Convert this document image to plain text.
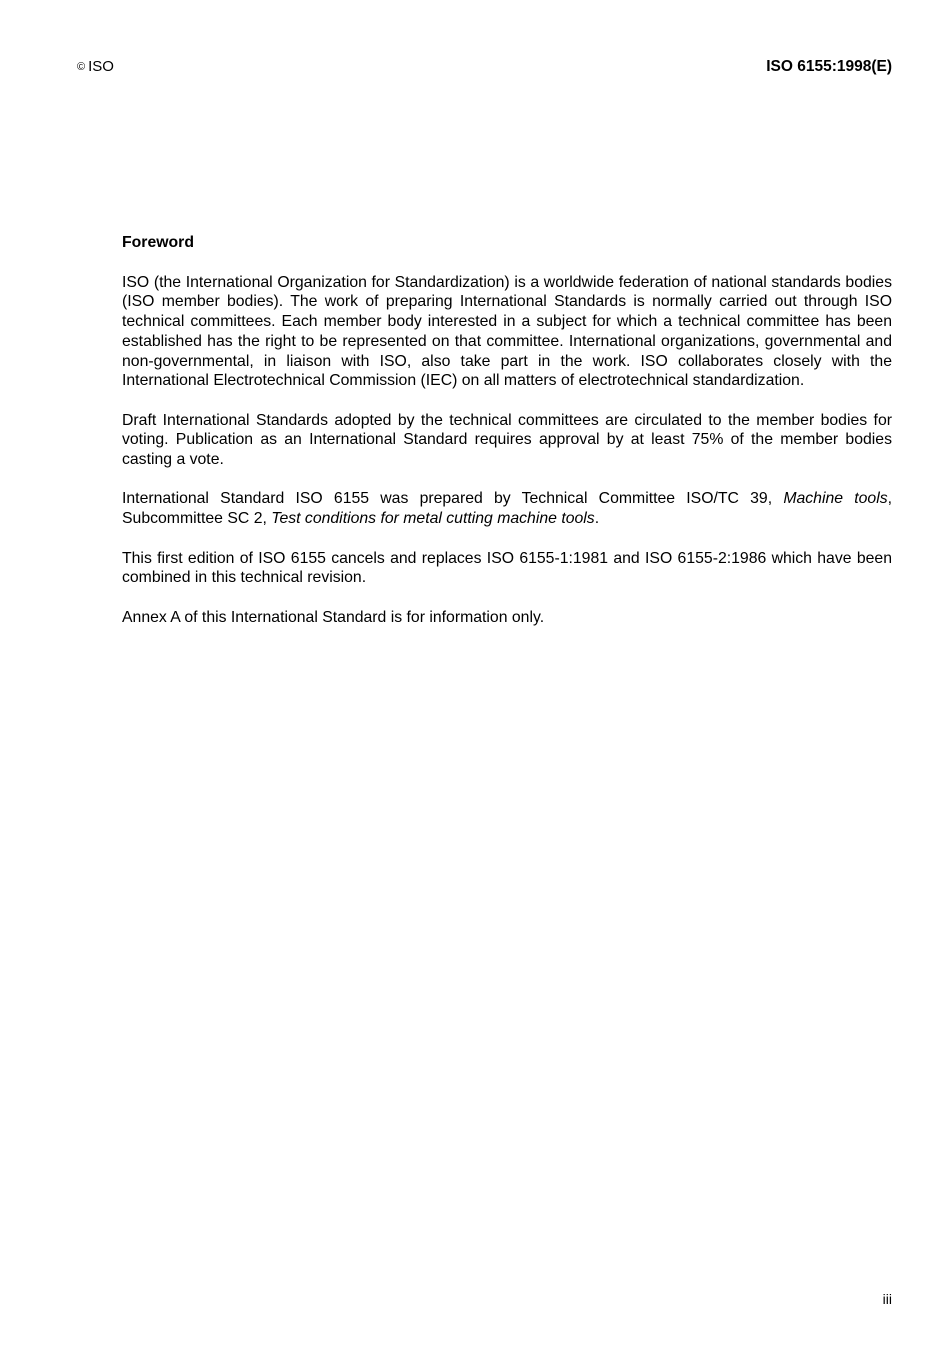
© ISO	ISO 6155:1998(E)
Foreword

ISO (the International Organization for Standardization) is a worldwide federation of national standards bodies (ISO member bodies). The work of preparing International Standards is normally carried out through ISO technical committees. Each member body interested in a subject for which a technical committee has been established has the right to be represented on that committee. International organizations, governmental and non-governmental, in liaison with ISO, also take part in the work. ISO collaborates closely with the International Electrotechnical Commission (IEC) on all matters of electrotechnical standardization.

Draft International Standards adopted by the technical committees are circulated to the member bodies for voting. Publication as an International Standard requires approval by at least 75% of the member bodies casting a vote.

International Standard ISO 6155 was prepared by Technical Committee ISO/TC 39, Machine tools, Subcommittee SC 2, Test conditions for metal cutting machine tools.

This first edition of ISO 6155 cancels and replaces ISO 6155-1:1981 and ISO 6155-2:1986 which have been combined in this technical revision.

Annex A of this International Standard is for information only.

iii
